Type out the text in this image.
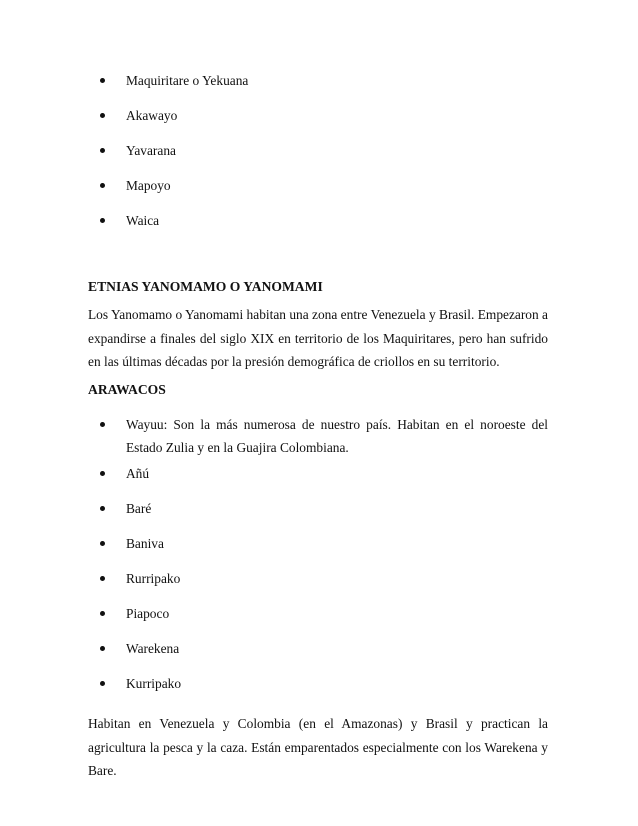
Maquiritare o Yekuana
Akawayo
Yavarana
Mapoyo
Waica
ETNIAS YANOMAMO O YANOMAMI

Los Yanomamo o Yanomami habitan una zona entre Venezuela y Brasil. Empezaron a expandirse a finales del siglo XIX en territorio de los Maquiritares, pero han sufrido en las últimas décadas por la presión demográfica de criollos en su territorio.

ARAWACOS
Wayuu: Son la más numerosa de nuestro país. Habitan en el noroeste del Estado Zulia y en la Guajira Colombiana.
Añú
Baré
Baniva
Rurripako
Piapoco
Warekena
Kurripako

Habitan en Venezuela y Colombia (en el Amazonas) y Brasil y practican la agricultura la pesca y la caza. Están emparentados especialmente con los Warekena y Bare.
